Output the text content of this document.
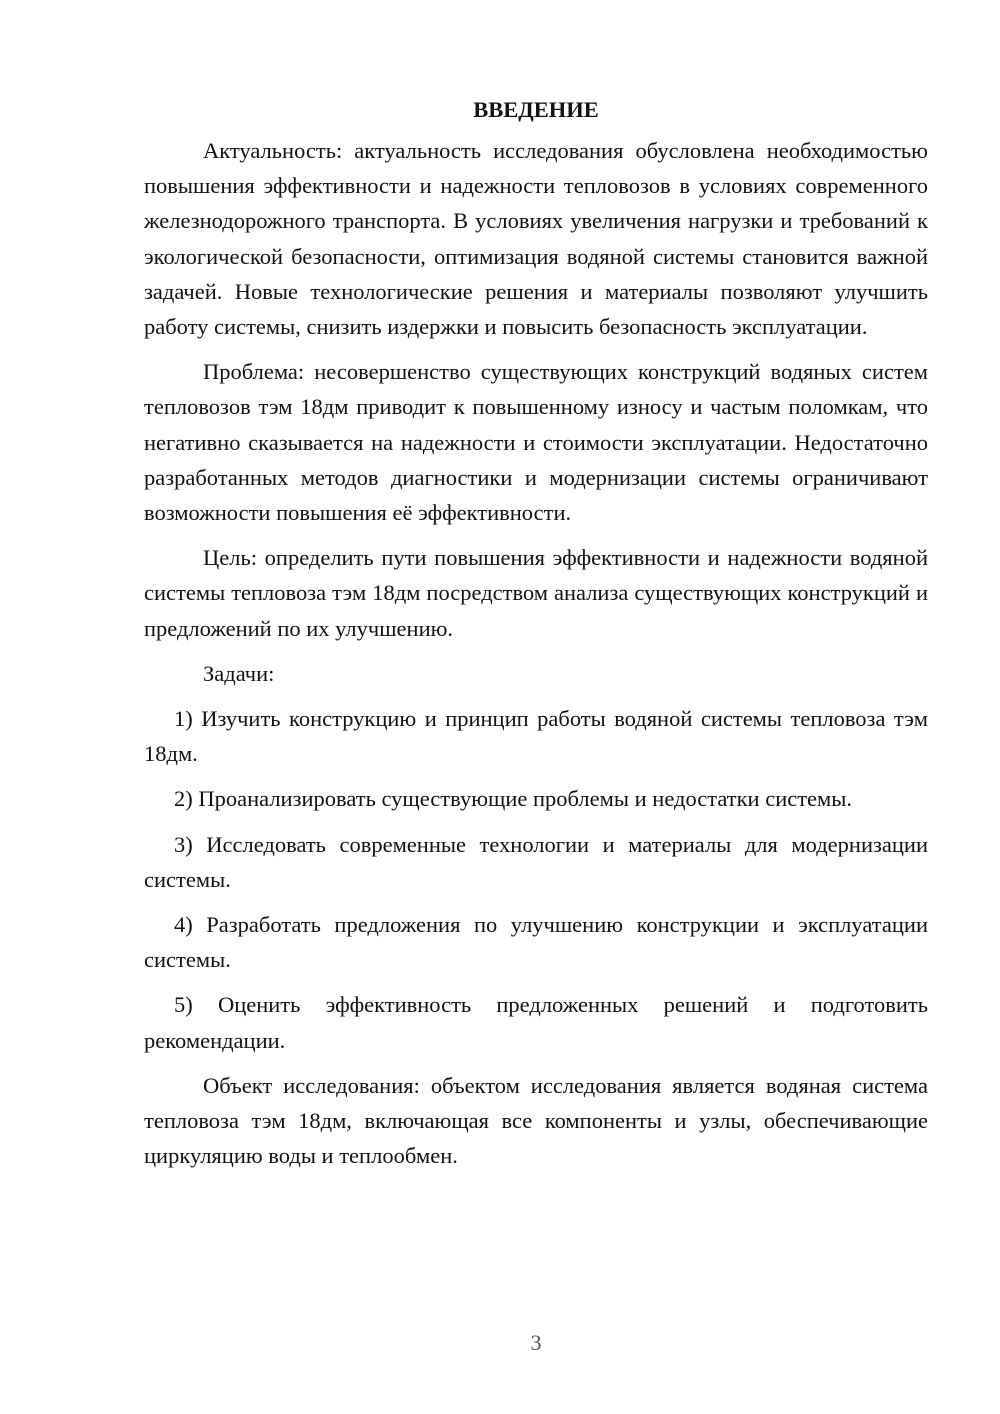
ВВЕДЕНИЕ

Актуальность: актуальность исследования обусловлена необходимостью повышения эффективности и надежности тепловозов в условиях современного железнодорожного транспорта. В условиях увеличения нагрузки и требований к экологической безопасности, оптимизация водяной системы становится важной задачей. Новые технологические решения и материалы позволяют улучшить работу системы, снизить издержки и повысить безопасность эксплуатации.

Проблема: несовершенство существующих конструкций водяных систем тепловозов тэм 18дм приводит к повышенному износу и частым поломкам, что негативно сказывается на надежности и стоимости эксплуатации. Недостаточно разработанных методов диагностики и модернизации системы ограничивают возможности повышения её эффективности.

Цель: определить пути повышения эффективности и надежности водяной системы тепловоза тэм 18дм посредством анализа существующих конструкций и предложений по их улучшению.

Задачи:

1) Изучить конструкцию и принцип работы водяной системы тепловоза тэм 18дм.

2) Проанализировать существующие проблемы и недостатки системы.

3) Исследовать современные технологии и материалы для модернизации системы.

4) Разработать предложения по улучшению конструкции и эксплуатации системы.

5) Оценить эффективность предложенных решений и подготовить рекомендации.

Объект исследования: объектом исследования является водяная система тепловоза тэм 18дм, включающая все компоненты и узлы, обеспечивающие циркуляцию воды и теплообмен.

3
